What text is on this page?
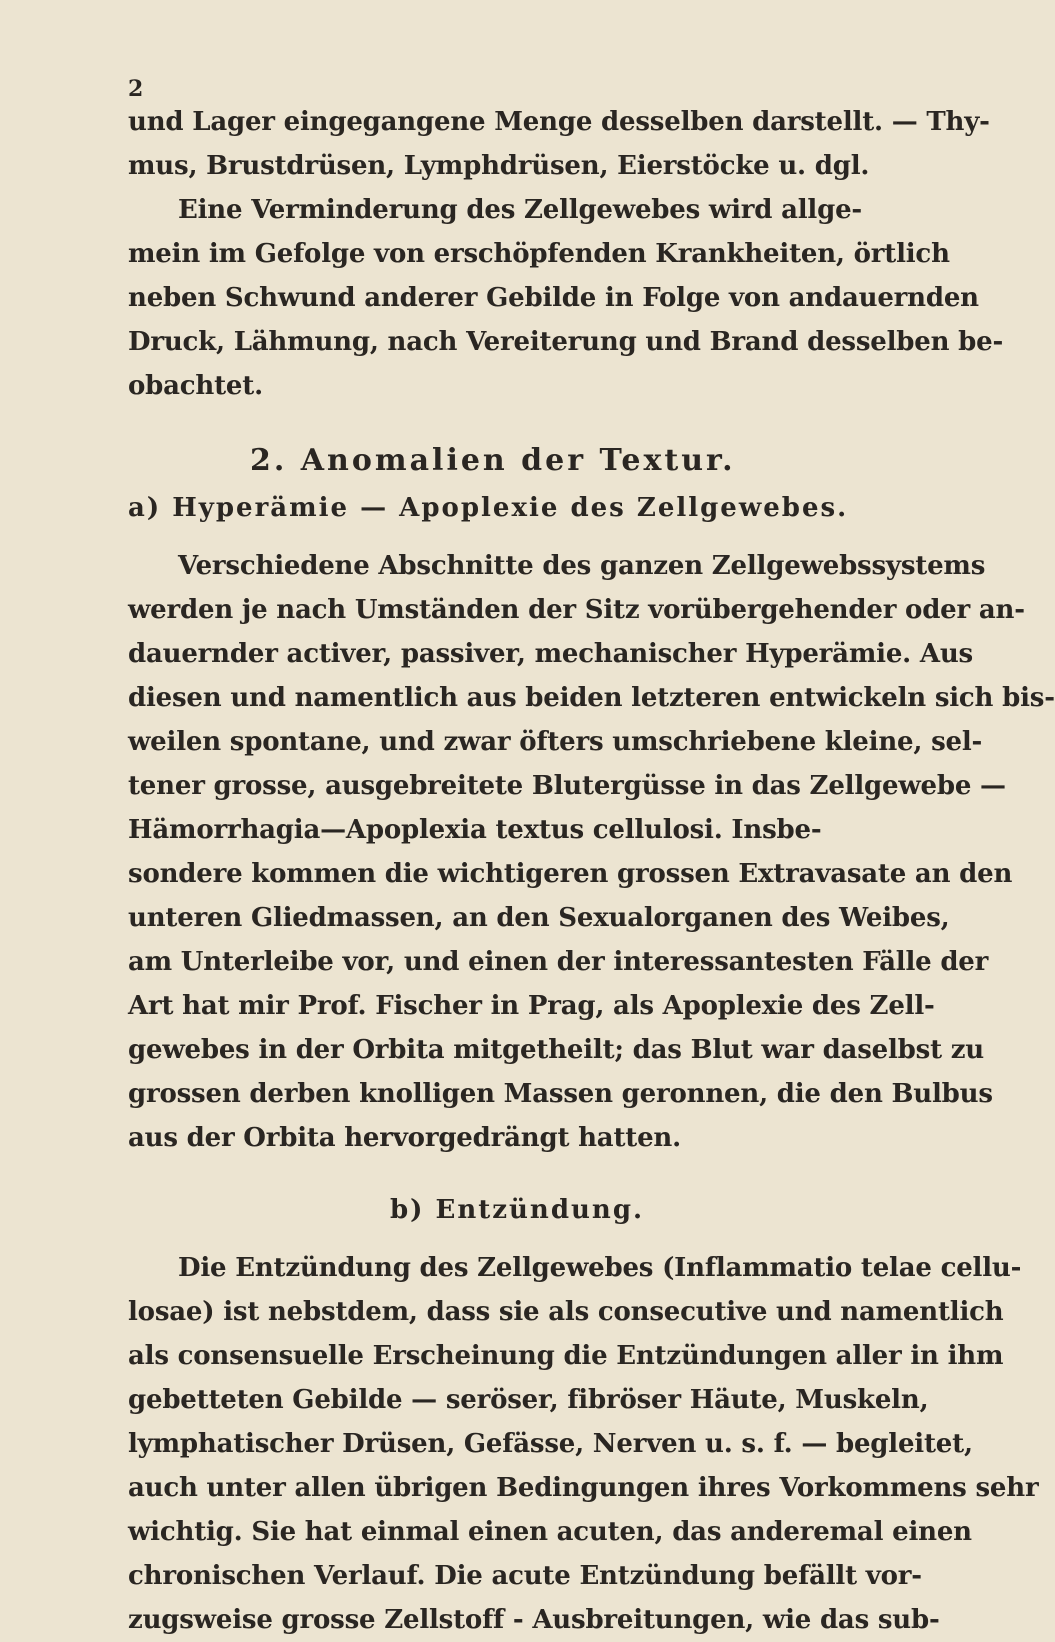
2
und Lager eingegangene Menge desselben darstellt. — Thy-
mus, Brustdrüsen, Lymphdrüsen, Eierstöcke u. dgl.
Eine Verminderung des Zellgewebes wird allge-
mein im Gefolge von erschöpfenden Krankheiten, örtlich
neben Schwund anderer Gebilde in Folge von andauernden
Druck, Lähmung, nach Vereiterung und Brand desselben be-
obachtet.
2. Anomalien der Textur.
a) Hyperämie — Apoplexie des Zellgewebes.
Verschiedene Abschnitte des ganzen Zellgewebssystems
werden je nach Umständen der Sitz vorübergehender oder an-
dauernder activer, passiver, mechanischer Hyperämie. Aus
diesen und namentlich aus beiden letzteren entwickeln sich bis-
weilen spontane, und zwar öfters umschriebene kleine, sel-
tener grosse, ausgebreitete Blutergüsse in das Zellgewebe —
Hämorrhagia—Apoplexia textus cellulosi. Insbe-
sondere kommen die wichtigeren grossen Extravasate an den
unteren Gliedmassen, an den Sexualorganen des Weibes,
am Unterleibe vor, und einen der interessantesten Fälle der
Art hat mir Prof. Fischer in Prag, als Apoplexie des Zell-
gewebes in der Orbita mitgetheilt; das Blut war daselbst zu
grossen derben knolligen Massen geronnen, die den Bulbus
aus der Orbita hervorgedrängt hatten.
b) Entzündung.
Die Entzündung des Zellgewebes (Inflammatio telae cellu-
losae) ist nebstdem, dass sie als consecutive und namentlich
als consensuelle Erscheinung die Entzündungen aller in ihm
gebetteten Gebilde — seröser, fibröser Häute, Muskeln,
lymphatischer Drüsen, Gefässe, Nerven u. s. f. — begleitet,
auch unter allen übrigen Bedingungen ihres Vorkommens sehr
wichtig. Sie hat einmal einen acuten, das anderemal einen
chronischen Verlauf. Die acute Entzündung befällt vor-
zugsweise grosse Zellstoff - Ausbreitungen, wie das sub-
